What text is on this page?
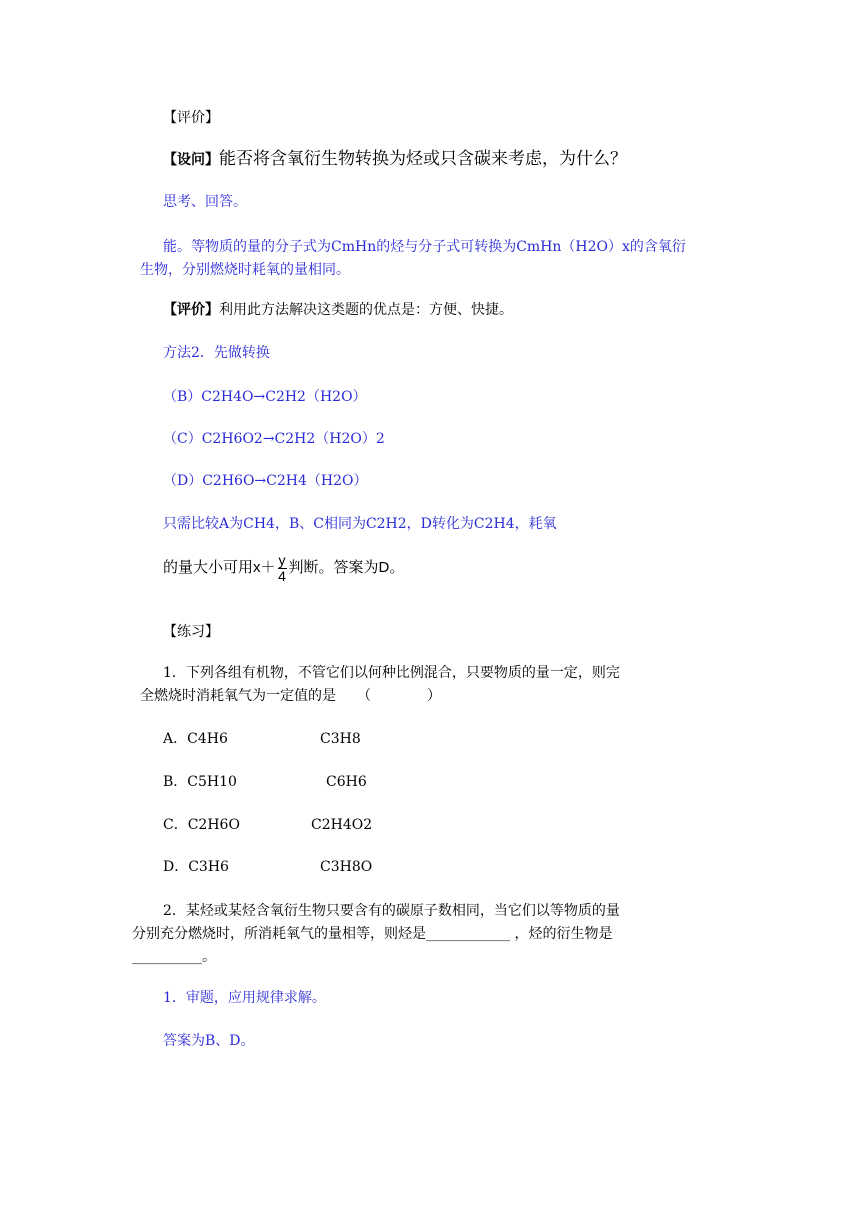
【评价】
【设问】能否将含氧衍生物转换为烃或只含碳来考虑，为什么？
思考、回答。
能。等物质的量的分子式为CmHn的烃与分子式可转换为CmHn（H2O）x的含氧衍
生物，分别燃烧时耗氧的量相同。
【评价】利用此方法解决这类题的优点是：方便、快捷。
方法2．先做转换
（B）C2H4O→C2H2（H2O）
（C）C2H6O2→C2H2（H2O）2
（D）C2H6O→C2H4（H2O）
只需比较A为CH4，B、C相同为C2H2，D转化为C2H4，耗氧
的量大小可用$x+ \frac{y}{4}$ 判断。答案为D。
【练习】
1．下列各组有机物，不管它们以何种比例混合，只要物质的量一定，则完
全燃烧时消耗氧气为一定值的是　　（　　　　）
A．C4H6	C3H8
B．C5H10	C6H6
C．C2H6O	C2H4O2
D．C3H6	C3H8O
2．某烃或某烃含氧衍生物只要含有的碳原子数相同，当它们以等物质的量
分别充分燃烧时，所消耗氧气的量相等，则烃是____________ ，烃的衍生物是
__________。
1．审题，应用规律求解。
答案为B、D。
